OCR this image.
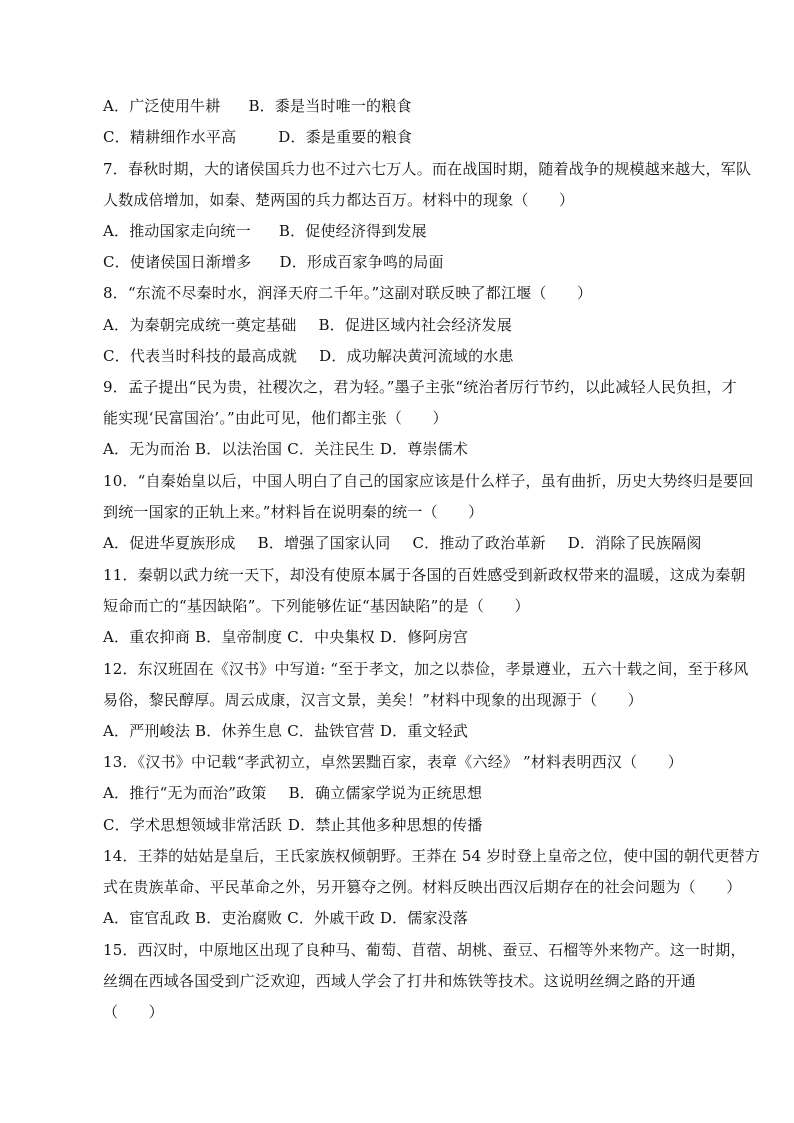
A．广泛使用牛耕 B．黍是当时唯一的粮食
C．精耕细作水平高	D．黍是重要的粮食
7．春秋时期，大的诸侯国兵力也不过六七万人。而在战国时期，随着战争的规模越来越大，军队
人数成倍增加，如秦、楚两国的兵力都达百万。材料中的现象（　　）
A．推动国家走向统一 B．促使经济得到发展
C．使诸侯国日渐增多 D．形成百家争鸣的局面
8．“东流不尽秦时水，润泽天府二千年。”这副对联反映了都江堰（　　）
A．为秦朝完成统一奠定基础 B．促进区域内社会经济发展
C．代表当时科技的最高成就 D．成功解决黄河流域的水患
9．孟子提出“民为贵，社稷次之，君为轻。”墨子主张“统治者厉行节约，以此减轻人民负担，才
能实现‘民富国治’。”由此可见，他们都主张（　　）
A．无为而治 B．以法治国 C．关注民生 D．尊崇儒术
10．“自秦始皇以后，中国人明白了自己的国家应该是什么样子，虽有曲折，历史大势终归是要回
到统一国家的正轨上来。”材料旨在说明秦的统一（　　）
A．促进华夏族形成 B．增强了国家认同 C．推动了政治革新 D．消除了民族隔阂
11．秦朝以武力统一天下，却没有使原本属于各国的百姓感受到新政权带来的温暖，这成为秦朝
短命而亡的“基因缺陷”。下列能够佐证“基因缺陷”的是（　　）
A．重农抑商 B．皇帝制度 C．中央集权 D．修阿房宫
12．东汉班固在《汉书》中写道: “至于孝文，加之以恭俭，孝景遵业，五六十载之间，至于移风
易俗，黎民醇厚。周云成康，汉言文景，美矣！”材料中现象的出现源于（　　）
A．严刑峻法 B．休养生息 C．盐铁官营 D．重文轻武
13．《汉书》中记载“孝武初立，卓然罢黜百家，表章《六经》 ”材料表明西汉（　　）
A．推行“无为而治”政策 B．确立儒家学说为正统思想
C．学术思想领域非常活跃 D．禁止其他多种思想的传播
14．王莽的姑姑是皇后，王氏家族权倾朝野。王莽在 54 岁时登上皇帝之位，使中国的朝代更替方
式在贵族革命、平民革命之外，另开篡夺之例。材料反映出西汉后期存在的社会问题为（　　）
A．宦官乱政 B．吏治腐败 C．外戚干政 D．儒家没落
15．西汉时，中原地区出现了良种马、葡萄、苜蓿、胡桃、蚕豆、石榴等外来物产。这一时期，
丝绸在西域各国受到广泛欢迎，西域人学会了打井和炼铁等技术。这说明丝绸之路的开通
（　　）
